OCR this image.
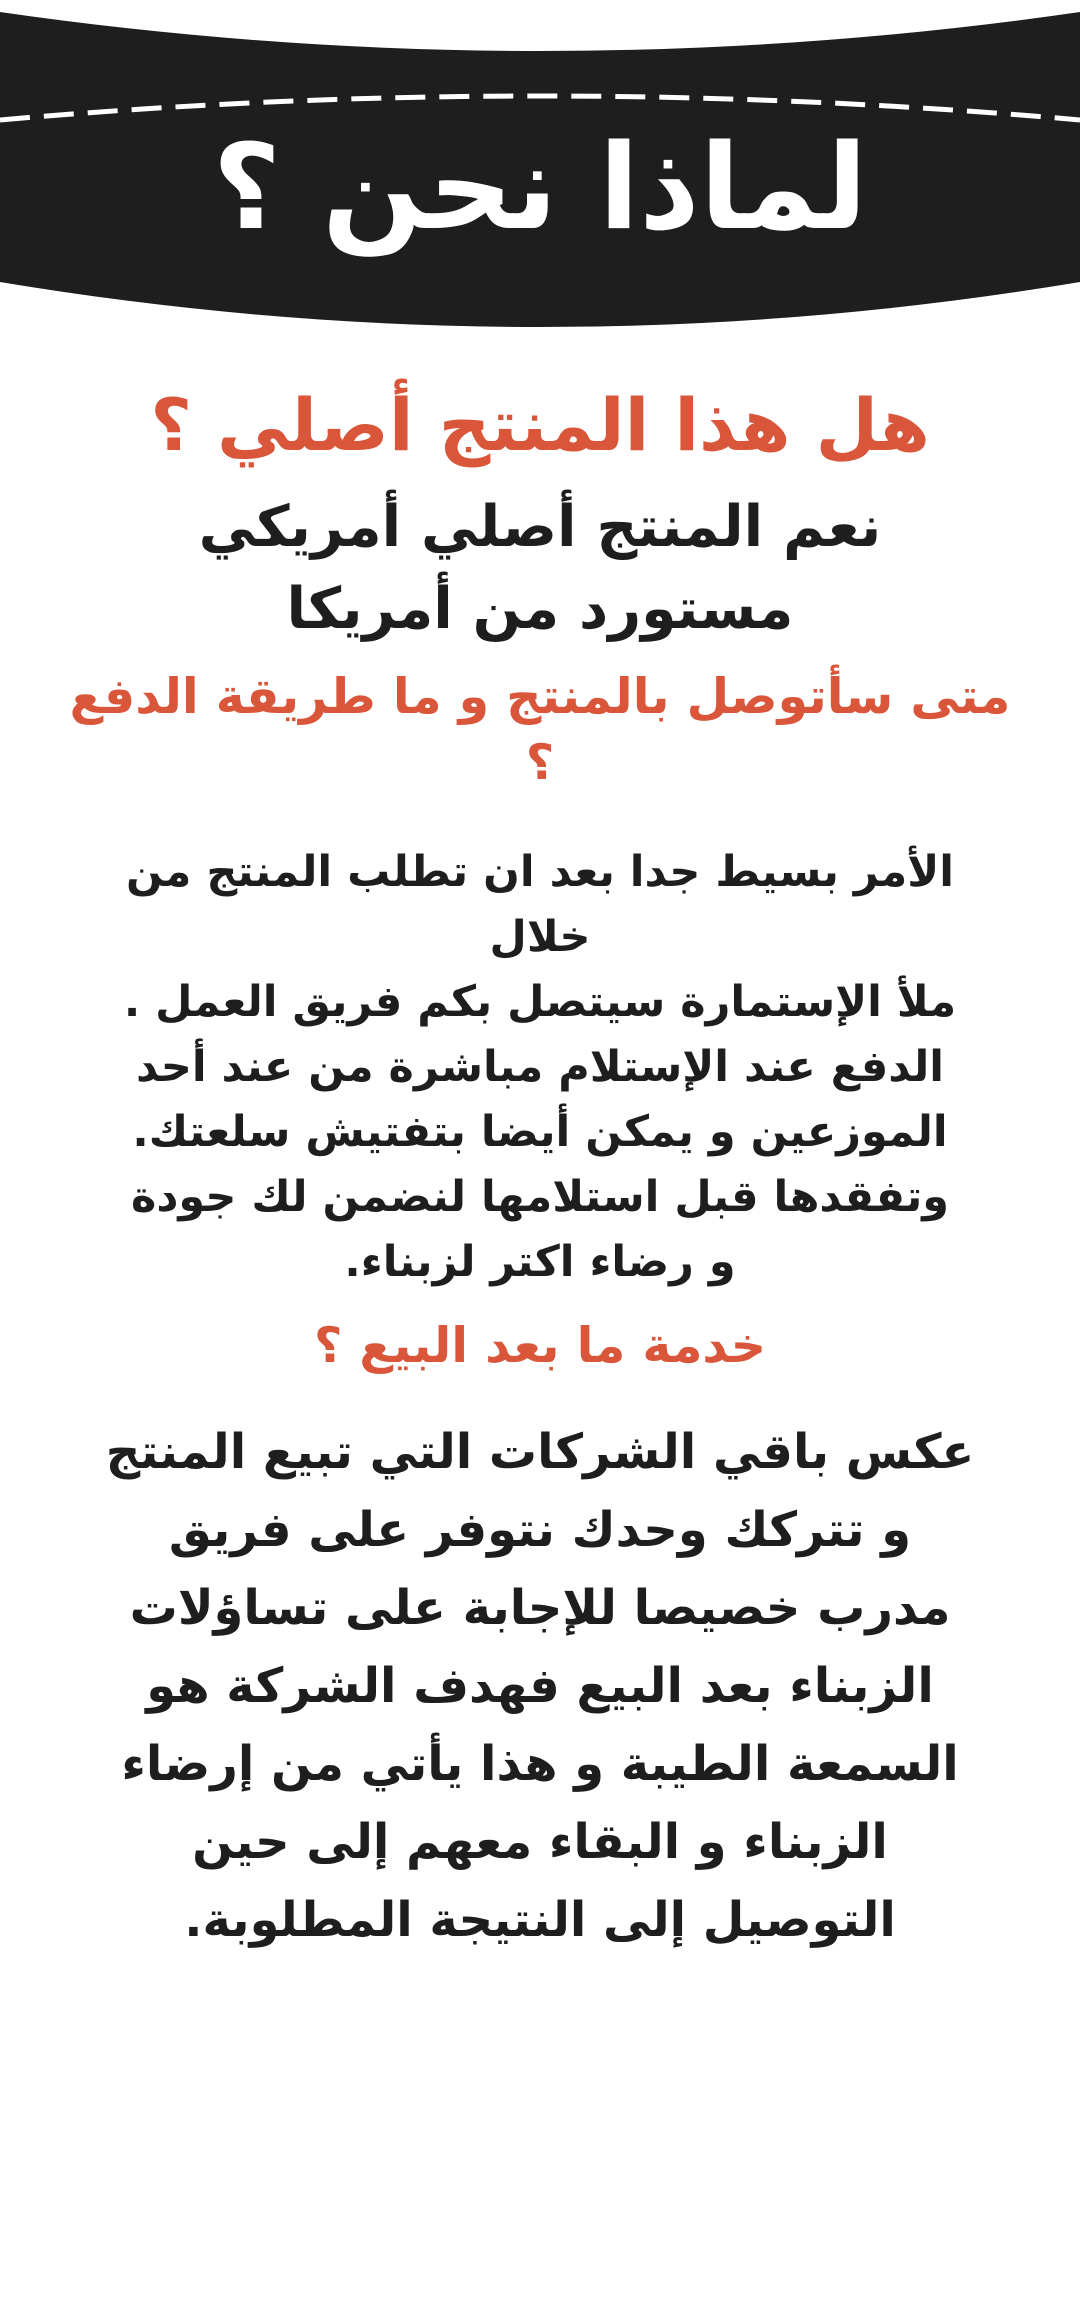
لماذا نحن ؟
هل هذا المنتج أصلي ؟
نعم المنتج أصلي أمريكي
مستورد من أمريكا
متى سأتوصل بالمنتج و ما طريقة الدفع ؟
الأمر بسيط جدا بعد ان تطلب المنتج من خلال
ملأ الإستمارة سيتصل بكم فريق العمل .
الدفع عند الإستلام مباشرة من عند أحد
الموزعين و يمكن أيضا بتفتيش سلعتك.
وتفقدها قبل استلامها لنضمن لك جودة
و رضاء اكتر لزبناء.
خدمة ما بعد البيع ؟
عكس باقي الشركات التي تبيع المنتج
و تتركك وحدك نتوفر على فريق
مدرب خصيصا للإجابة على تساؤلات
الزبناء بعد البيع فهدف الشركة هو
السمعة الطيبة و هذا يأتي من إرضاء
الزبناء و البقاء معهم إلى حين
التوصيل إلى النتيجة المطلوبة.
